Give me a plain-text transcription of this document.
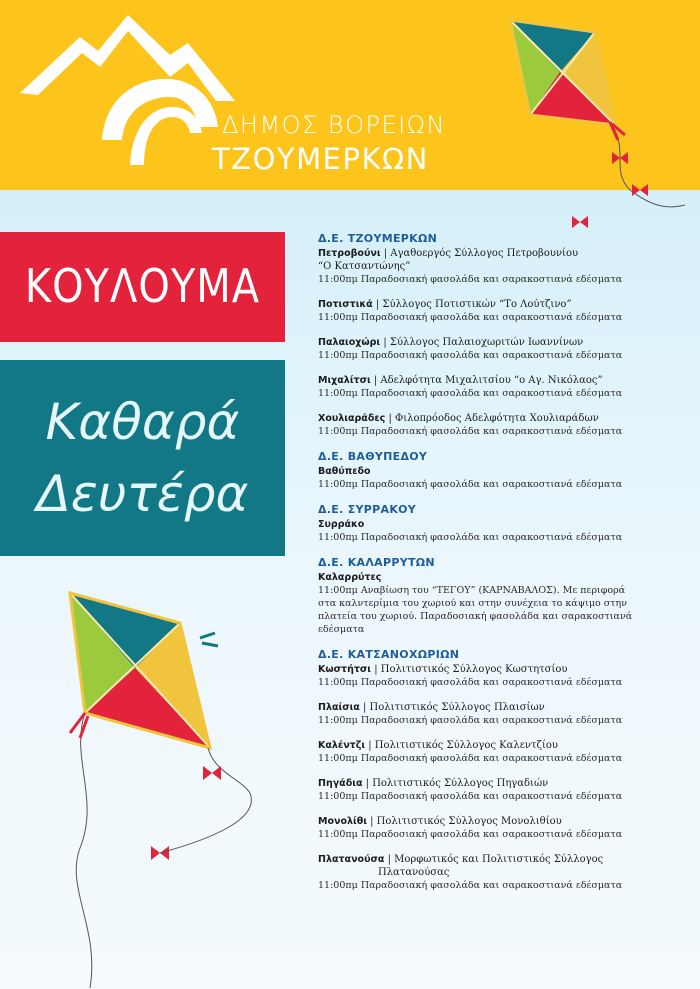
ΔΗΜΟΣ ΒΟΡΕΙΩΝ
ΤΖΟΥΜΕΡΚΩΝ
ΚΟΥΛΟΥΜΑ
Καθαρά
Δευτέρα
Δ.Ε. ΤΖΟΥΜΕΡΚΩΝ
Πετροβούνι | Αγαθοεργός Σύλλογος Πετροβουνίου
“Ο Κατσαντώνης”
11:00πμ Παραδοσιακή φασολάδα και σαρακοστιανά εδέσματα
Ποτιστικά | Σύλλογος Ποτιστικών “Το Λούτζινο”
11:00πμ Παραδοσιακή φασολάδα και σαρακοστιανά εδέσματα
Παλαιοχώρι | Σύλλογος Παλαιοχωριτών Ιωαννίνων
11:00πμ Παραδοσιακή φασολάδα και σαρακοστιανά εδέσματα
Μιχαλίτσι | Αδελφότητα Μιχαλιτσίου “ο Αγ. Νικόλαος”
11:00πμ Παραδοσιακή φασολάδα και σαρακοστιανά εδέσματα
Χουλιαράδες | Φιλοπρόοδος Αδελφότητα Χουλιαράδων
11:00πμ Παραδοσιακή φασολάδα και σαρακοστιανά εδέσματα
Δ.Ε. ΒΑΘΥΠΕΔΟΥ
Βαθύπεδο
11:00πμ Παραδοσιακή φασολάδα και σαρακοστιανά εδέσματα
Δ.Ε. ΣΥΡΡΑΚΟΥ
Συρράκο
11:00πμ Παραδοσιακή φασολάδα και σαρακοστιανά εδέσματα
Δ.Ε. ΚΑΛΑΡΡΥΤΩΝ
Καλαρρύτες
11:00πμ Αναβίωση του “ΤΕΓΟΥ” (ΚΑΡΝΑΒΑΛΟΣ). Με περιφορά
στα καλντερίμια του χωριού και στην συνέχεια το κάψιμο στην
πλατεία του χωριού. Παραδοσιακή φασολάδα και σαρακοστιανά εδέσματα
Δ.Ε. ΚΑΤΣΑΝΟΧΩΡΙΩΝ
Κωστήτσι | Πολιτιστικός Σύλλογος Κωστητσίου
11:00πμ Παραδοσιακή φασολάδα και σαρακοστιανά εδέσματα
Πλαίσια | Πολιτιστικός Σύλλογος Πλαισίων
11:00πμ Παραδοσιακή φασολάδα και σαρακοστιανά εδέσματα
Καλέντζι | Πολιτιστικός Σύλλογος Καλεντζίου
11:00πμ Παραδοσιακή φασολάδα και σαρακοστιανά εδέσματα
Πηγάδια | Πολιτιστικός Σύλλογος Πηγαδιών
11:00πμ Παραδοσιακή φασολάδα και σαρακοστιανά εδέσματα
Μονολίθι | Πολιτιστικός Σύλλογος Μονολιθίου
11:00πμ Παραδοσιακή φασολάδα και σαρακοστιανά εδέσματα
Πλατανούσα | Μορφωτικός και Πολιτιστικός Σύλλογος
Πλατανούσας
11:00πμ Παραδοσιακή φασολάδα και σαρακοστιανά εδέσματα
